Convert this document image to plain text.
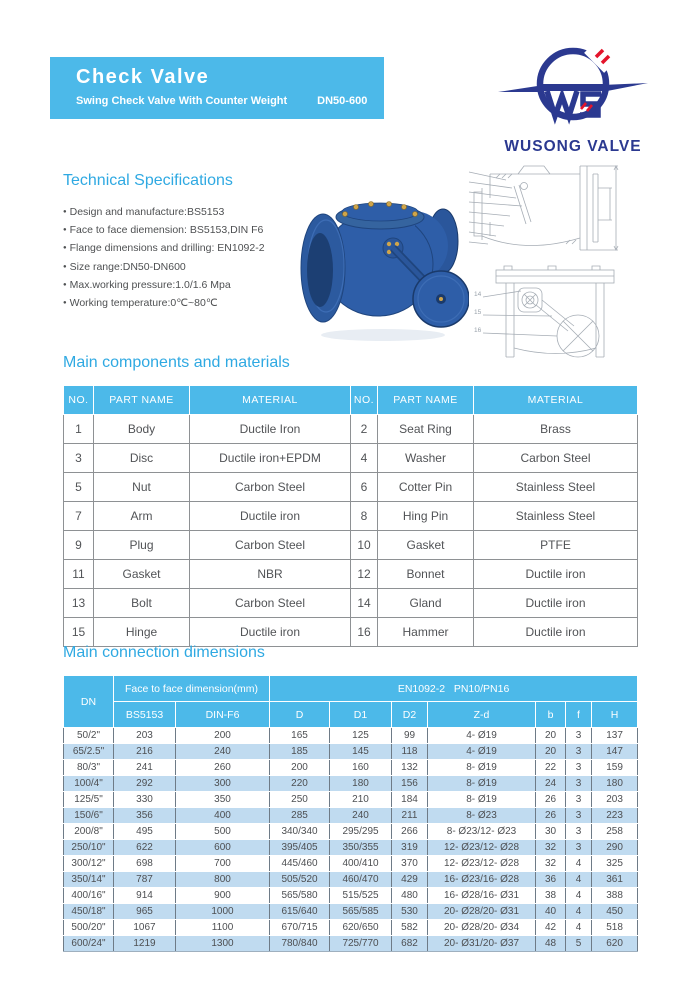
Check Valve
Swing Check Valve With Counter Weight	DN50-600
WUSONG VALVE
Technical Specifications
● Design and manufacture:BS5153
● Face to face diemension: BS5153,DIN F6
● Flange dimensions and drilling: EN1092-2
● Size range:DN50-DN600
● Max.working pressure:1.0/1.6 Mpa
● Working temperature:0℃~80℃
14
15
16
Main components and materials
NO.	PART NAME	MATERIAL	NO.	PART NAME	MATERIAL
1	Body	Ductile Iron	2	Seat Ring	Brass
3	Disc	Ductile iron+EPDM	4	Washer	Carbon Steel
5	Nut	Carbon Steel	6	Cotter Pin	Stainless Steel
7	Arm	Ductile iron	8	Hing Pin	Stainless Steel
9	Plug	Carbon Steel	10	Gasket	PTFE
11	Gasket	NBR	12	Bonnet	Ductile iron
13	Bolt	Carbon Steel	14	Gland	Ductile iron
15	Hinge	Ductile iron	16	Hammer	Ductile iron
Main connection dimensions
DN	Face to face dimension(mm)		EN1092-2   PN10/PN16						
	BS5153	DIN-F6	D	D1	D2	Z-d	b	f	H
50/2"	203	200	165	125	99	4- Ø19	20	3	137
65/2.5"	216	240	185	145	118	4- Ø19	20	3	147
80/3"	241	260	200	160	132	8- Ø19	22	3	159
100/4"	292	300	220	180	156	8- Ø19	24	3	180
125/5"	330	350	250	210	184	8- Ø19	26	3	203
150/6"	356	400	285	240	211	8- Ø23	26	3	223
200/8"	495	500	340/340	295/295	266	8- Ø23/12- Ø23	30	3	258
250/10"	622	600	395/405	350/355	319	12- Ø23/12- Ø28	32	3	290
300/12"	698	700	445/460	400/410	370	12- Ø23/12- Ø28	32	4	325
350/14"	787	800	505/520	460/470	429	16- Ø23/16- Ø28	36	4	361
400/16"	914	900	565/580	515/525	480	16- Ø28/16- Ø31	38	4	388
450/18"	965	1000	615/640	565/585	530	20- Ø28/20- Ø31	40	4	450
500/20"	1067	1100	670/715	620/650	582	20- Ø28/20- Ø34	42	4	518
600/24"	1219	1300	780/840	725/770	682	20- Ø31/20- Ø37	48	5	620
